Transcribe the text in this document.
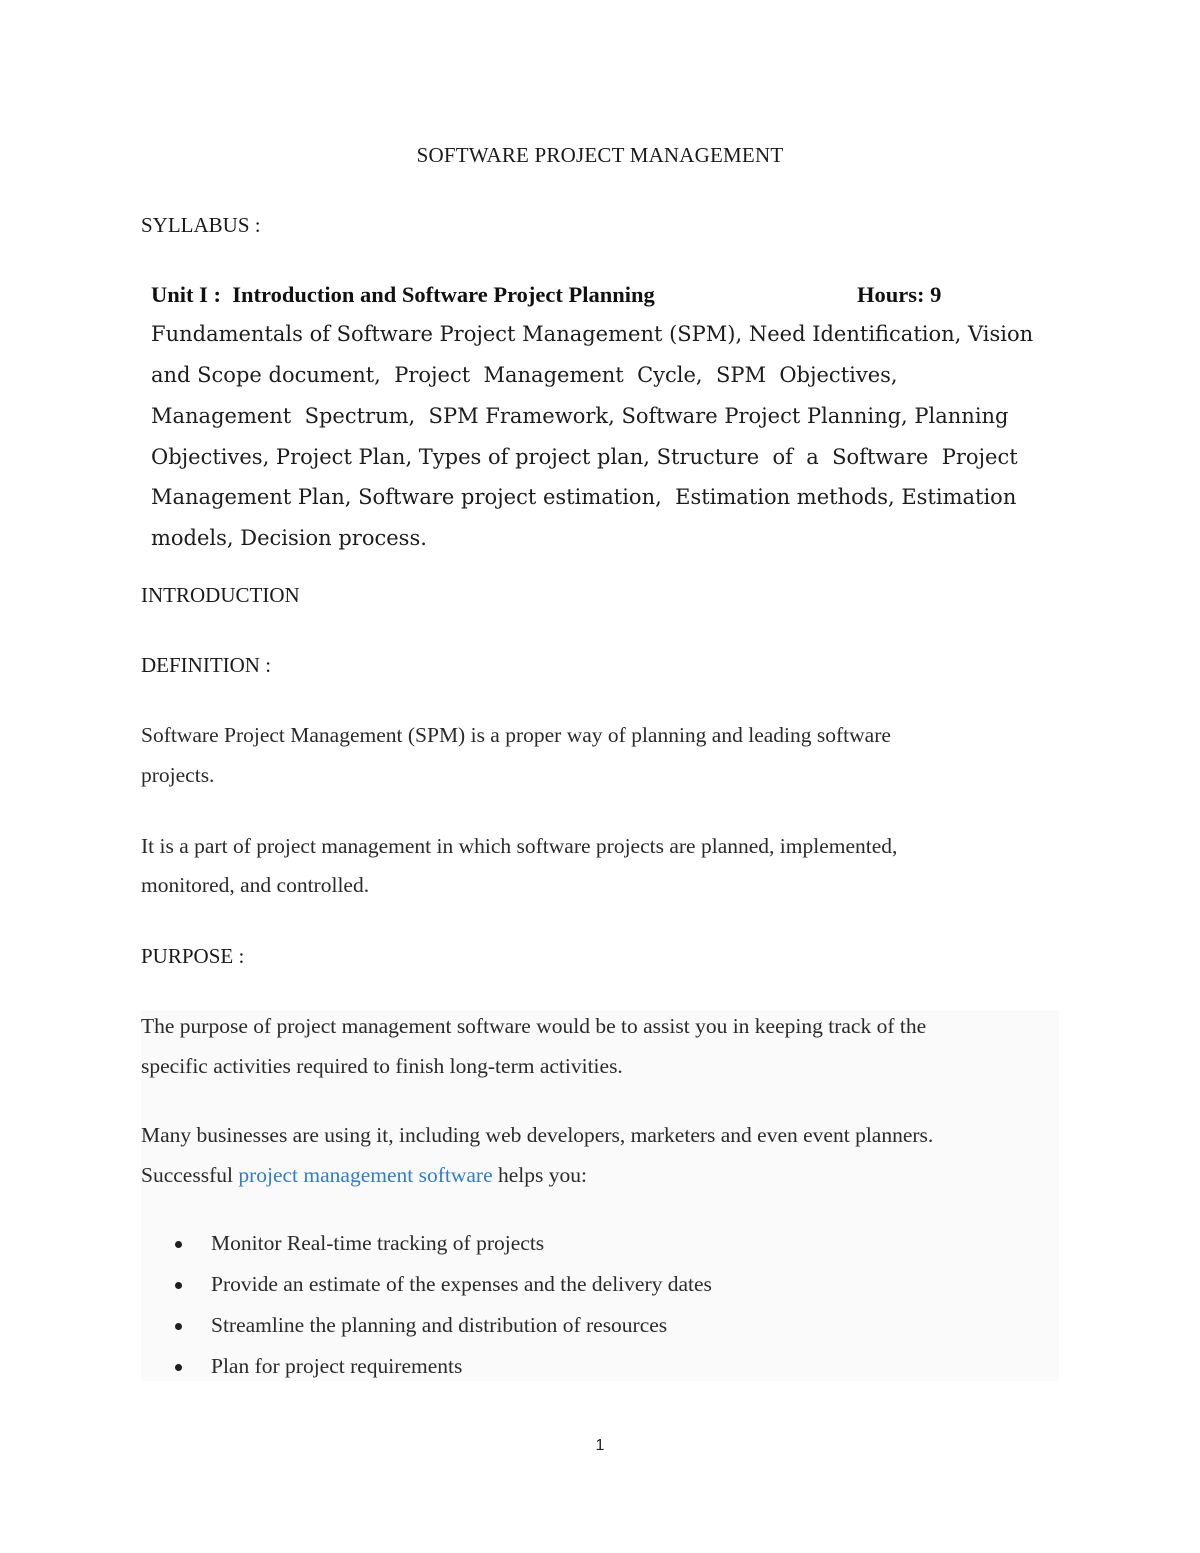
SOFTWARE PROJECT MANAGEMENT
SYLLABUS :
Unit I :  Introduction and Software Project Planning	Hours: 9
Fundamentals of Software Project Management (SPM), Need Identification, Vision
and Scope document,  Project  Management  Cycle,  SPM  Objectives,
Management  Spectrum,  SPM Framework, Software Project Planning, Planning
Objectives, Project Plan, Types of project plan, Structure  of  a  Software  Project
Management Plan, Software project estimation,  Estimation methods, Estimation
models, Decision process.
INTRODUCTION
DEFINITION :
Software Project Management (SPM) is a proper way of planning and leading software
projects.
It is a part of project management in which software projects are planned, implemented,
monitored, and controlled.
PURPOSE :
The purpose of project management software would be to assist you in keeping track of the
specific activities required to finish long-term activities.
Many businesses are using it, including web developers, marketers and even event planners.
Successful project management software helps you:
Monitor Real-time tracking of projects
Provide an estimate of the expenses and the delivery dates
Streamline the planning and distribution of resources
Plan for project requirements
1
